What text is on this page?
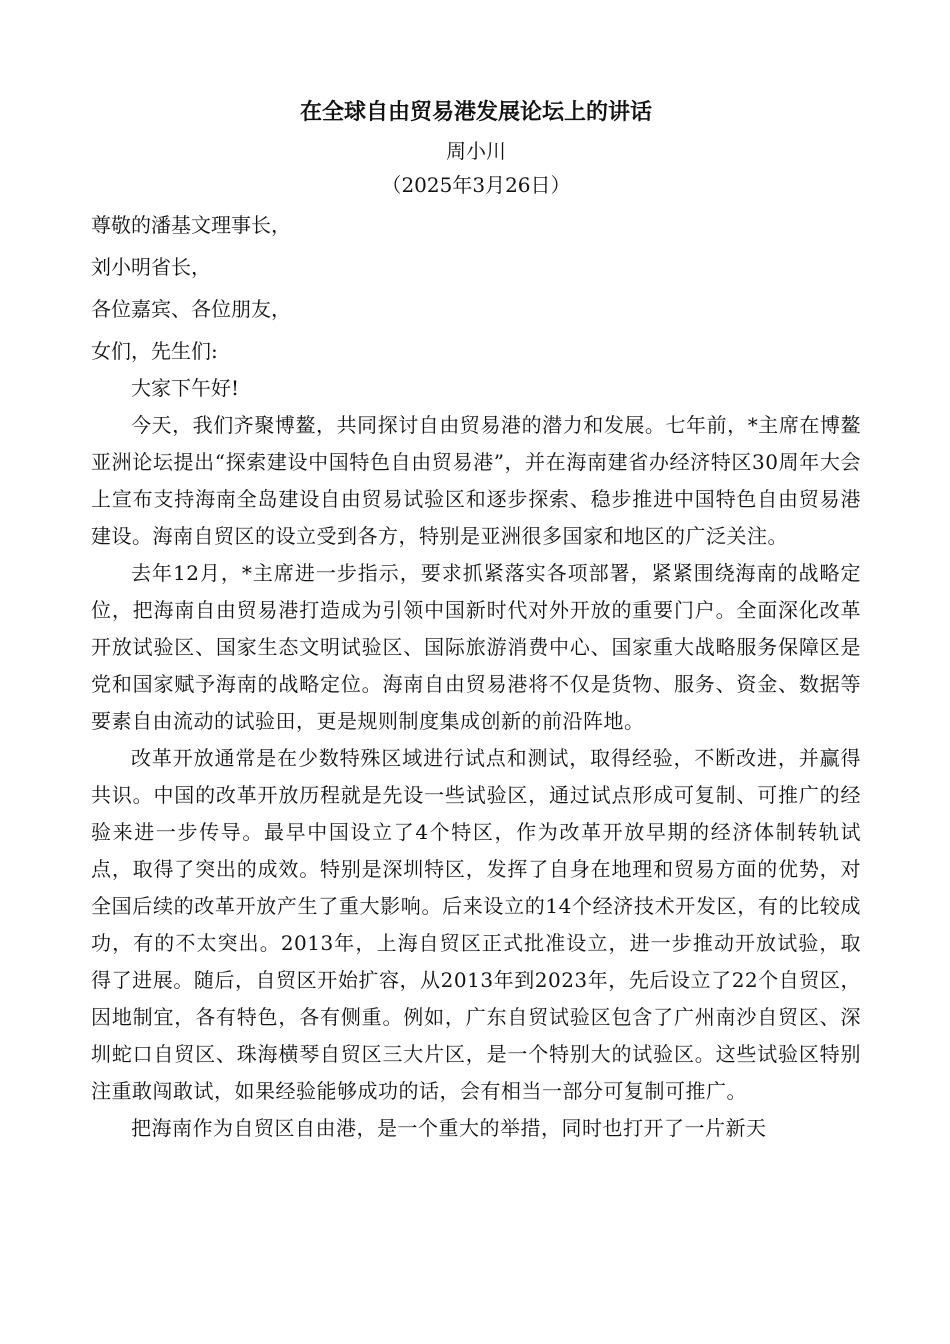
在全球自由贸易港发展论坛上的讲话
周小川
（2025年3月26日）
尊敬的潘基文理事长，
刘小明省长，
各位嘉宾、各位朋友，
女们，先生们:

大家下午好!

今天，我们齐聚博鳌，共同探讨自由贸易港的潜力和发展。七年前，*主席在博鳌亚洲论坛提出“探索建设中国特色自由贸易港”，并在海南建省办经济特区30周年大会上宣布支持海南全岛建设自由贸易试验区和逐步探索、稳步推进中国特色自由贸易港建设。海南自贸区的设立受到各方，特别是亚洲很多国家和地区的广泛关注。

去年12月，*主席进一步指示，要求抓紧落实各项部署，紧紧围绕海南的战略定位，把海南自由贸易港打造成为引领中国新时代对外开放的重要门户。全面深化改革开放试验区、国家生态文明试验区、国际旅游消费中心、国家重大战略服务保障区是党和国家赋予海南的战略定位。海南自由贸易港将不仅是货物、服务、资金、数据等要素自由流动的试验田，更是规则制度集成创新的前沿阵地。

改革开放通常是在少数特殊区域进行试点和测试，取得经验，不断改进，并赢得共识。中国的改革开放历程就是先设一些试验区，通过试点形成可复制、可推广的经验来进一步传导。最早中国设立了4个特区，作为改革开放早期的经济体制转轨试点，取得了突出的成效。特别是深圳特区，发挥了自身在地理和贸易方面的优势，对全国后续的改革开放产生了重大影响。后来设立的14个经济技术开发区，有的比较成功，有的不太突出。2013年，上海自贸区正式批准设立，进一步推动开放试验，取得了进展。随后，自贸区开始扩容，从2013年到2023年，先后设立了22个自贸区，因地制宜，各有特色，各有侧重。例如，广东自贸试验区包含了广州南沙自贸区、深圳蛇口自贸区、珠海横琴自贸区三大片区，是一个特别大的试验区。这些试验区特别注重敢闯敢试，如果经验能够成功的话，会有相当一部分可复制可推广。

把海南作为自贸区自由港，是一个重大的举措，同时也打开了一片新天
